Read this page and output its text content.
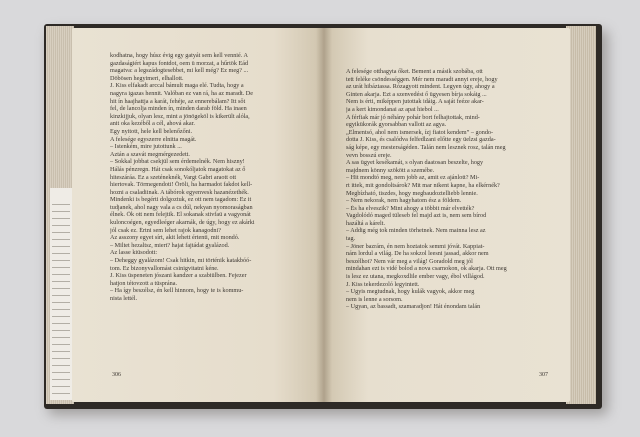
kodhatna, hogy húsz évig egy gatyát sem kell vennié. A
gazdaságiért kapus fontdot, oem ü morzat, a hűrtök Eád
magatva: a legszádogtesebbet, mi kell még? Ez meg? ...
Döbösen hegyimeri, elhallott.
J. Kiss elfakadt arccal bámult maga elé. Tudta, hogy a
nagyra igazas hennit. Valóban ez van rá, ha az maradt. De
hit ín haajhattja a karát, fehéje, az ennerebálam? Itt sőt
fel, de lancolja minden ín, minden darab föld. Ha inaen
kinzkijjuk, olyan lesz, mint a jönögeköl is kikerült alóla,
anit oka kezéből a cél, ahová akar.
Egy nyitott, hele kell belenőzőni.
A felesége egyszerre elnitta magát.
– Istenkém, mire jutottunk ...
Aztán a szavát megmérgezedett.
– Sokkal jobbat csekjül sem érdemelnék. Nem hiszny!
Hálás pénzregn. Hát csak sonokóljatok magatokat az ő
hiteszáráa. Ez a szeténeknék, Vargt Gabri araott ott
hiertovak. Törmegendoti! Öröli, ha harmadot fakdot kell-
hozni a csaladiinak. A tábórok egyenvesk hazanézethék.
Mindenki is begérti dolgoztuk, ez ott nem tagadom: Ez it
tudjanek, ahol nagy vala a cs dúl, nekyan nyomoraságban
élnek. Ők ott nem felejtik. El sokanak stivfaü a vagyonát
kuloncoégen, egyedleéger akarnák, de úgy, hogy ez akárki
jól csak ez. Értni sem lehet rajok kanagodni?
Az asszony egyet sírt, akit lehett értenti, mit mondó.
– Miltet hezaltsz, miert? hajat fajtádat gyalázod.
Az lasse kiüsodott:
– Deheggy gyalázom! Csak hitkin, mi történik katakbóó-
tom. Ez bizonyvallomást csinigvitatni kéne.
J. Kiss üspeneten jószani kandzer a szabiülben. Fejezer
hatjon tétovzott a tüsprána.
– Ha így beszélsz, én kell hinnom, hogy te is kommu-
nista lettél.
306
A felesége otthagyta őket. Bement a másik szobába, ott
tett feléke csöndességgen. Mér nem maradt annyi ereje, hogy
az urát hibáztassa. Rózagyott mindent. Legyen úgy, ahogy a
Ginten akarja. Ezt a szenvedést ő ügyesen bírja sokáig ...
Nem is érti, miképpen jutottak idáig. A saját feéze akar-
ja a kert kimondanai az apat hiebol ...
A férfiak már jó néhány pohár bort felhajtottak, mind-
egyikükorák gyorsabban vallott az agya.
„Elmentsó, ahol nem ismersek, ízj fiatot kendem” – gondo-
dotta J. Kiss, és csalódva felfedlzani előtte egy üelzsi gazda-
ság képe, egy mesterságéden. Talán nem lesznek rosz, talán meg
vevn bosszú ereje.
A sas ügyet kesékamát, s olyan daatosan beszelte, hogy
majdnem könny szökött a szemébe.
– Hit mondtó meg, nem jobb az, amit ez ajánlott? Mi-
rt ittek, mit gondoltsárok? Mit mar nikent kapne, ha elkérnék?
Megbízható, tiszdes, hogy megbaudoztelliebb lennie.
– Nem nekorak, nem hagyhatom ész a földem.
– És ha elveszik? Mint ahogy a többit már elvették?
Vagdolódó maged tüleseb fel majd azt is, nem sem bírod
hazáltá a kárelt.
– Addig még tok minden törhetnek. Nem mainna lesz az
tag.
– Jöner bazrám, én nem hoztatok semmi jóvát. Kappiat-
nám lordul a világ. De ha sokzol leesni jassad, akkor nem
beszélhot? Nem vár meg a világ! Goradold meg jól
mindahan ezt is vidé bolod a nova csarnokon, ok akarja. Ott meg
is lesz ez utana, megkoxdlile ember vagy, ébol villágod.
J. Kiss tekerdezoló legyintett.
– Ugyis megtudnak, hogy kulák vagyok, akkor meg
nem is lenne a sorsom.
– Ugyan, az bassadt, szamaradjon! Hát énondam talán
307
